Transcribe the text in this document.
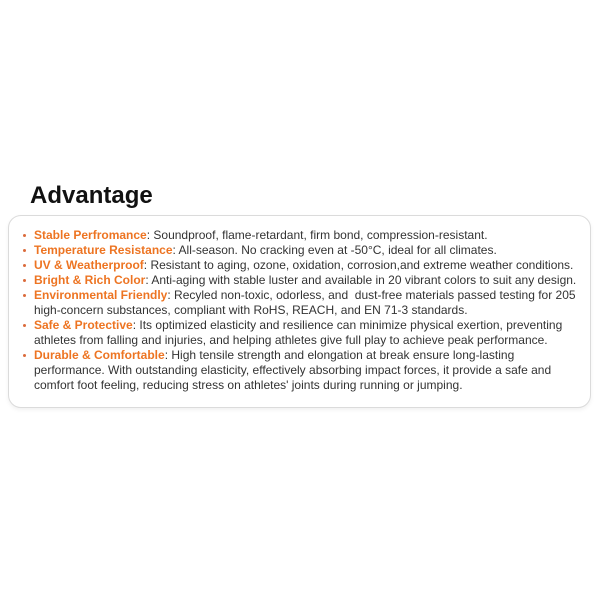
Advantage
Stable Perfromance: Soundproof, flame-retardant, firm bond, compression-resistant.
Temperature Resistance: All-season. No cracking even at -50°C, ideal for all climates.
UV & Weatherproof: Resistant to aging, ozone, oxidation, corrosion,and extreme weather conditions.
Bright & Rich Color: Anti-aging with stable luster and available in 20 vibrant colors to suit any design.
Environmental Friendly: Recyled non-toxic, odorless, and  dust-free materials passed testing for 205 high-concern substances, compliant with RoHS, REACH, and EN 71-3 standards.
Safe & Protective: Its optimized elasticity and resilience can minimize physical exertion, preventing athletes from falling and injuries, and helping athletes give full play to achieve peak performance.
Durable & Comfortable: High tensile strength and elongation at break ensure long-lasting performance. With outstanding elasticity, effectively absorbing impact forces, it provide a safe and comfort foot feeling, reducing stress on athletes' joints during running or jumping.
